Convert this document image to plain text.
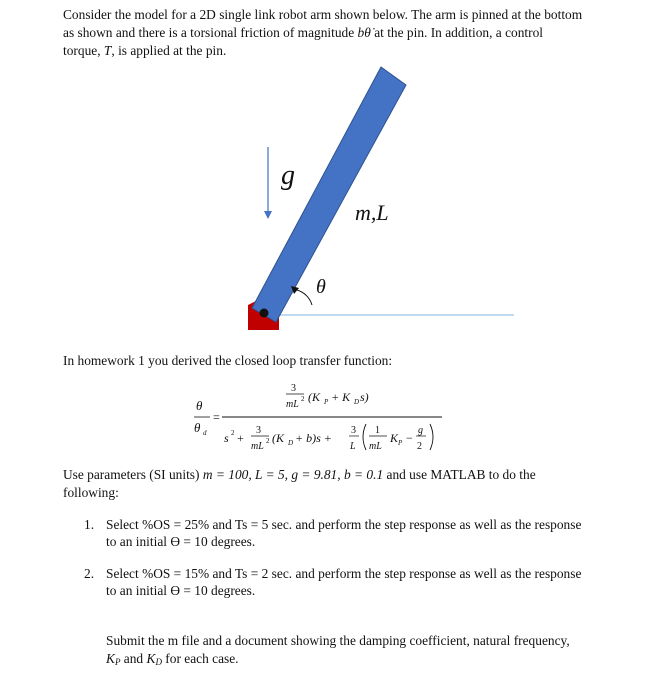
Consider the model for a 2D single link robot arm shown below. The arm is pinned at the bottom

as shown and there is a torsional friction of magnitude bθ̇ at the pin. In addition, a control

torque, T, is applied at the pin.

g
m,L
θ

In homework 1 you derived the closed loop transfer function:

θ
θ d
=
3
mL 2 (K P + K D s)
s 2 +
3
mL 2 (K D + b)s +
3
L
1
mL
K P −
g
2

Use parameters (SI units) m = 100, L = 5, g = 9.81, b = 0.1 and use MATLAB to do the

following:

1. Select %OS = 25% and Ts = 5 sec. and perform the step response as well as the response
to an initial ϴ = 10 degrees.
2. Select %OS = 15% and Ts = 2 sec. and perform the step response as well as the response
to an initial ϴ = 10 degrees.

Submit the m file and a document showing the damping coefficient, natural frequency,

$K_P$ and $K_D$ for each case.
